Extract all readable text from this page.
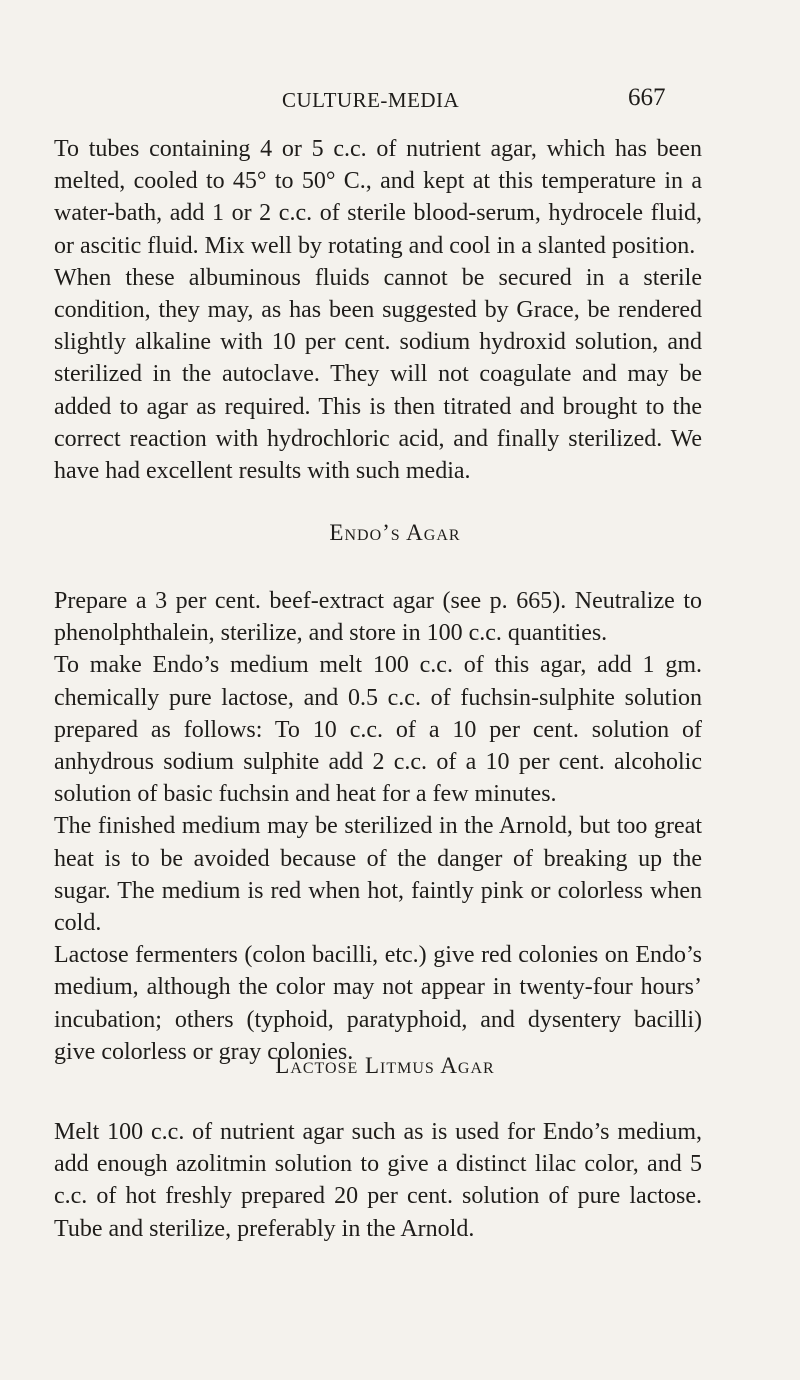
CULTURE-MEDIA	667

To tubes containing 4 or 5 c.c. of nutrient agar, which has been melted, cooled to 45° to 50° C., and kept at this temperature in a water-bath, add 1 or 2 c.c. of sterile blood-serum, hydrocele fluid, or ascitic fluid. Mix well by rotating and cool in a slanted position.

When these albuminous fluids cannot be secured in a sterile condition, they may, as has been suggested by Grace, be rendered slightly alkaline with 10 per cent. sodium hydroxid solution, and sterilized in the autoclave. They will not coagulate and may be added to agar as required. This is then titrated and brought to the correct reaction with hydrochloric acid, and finally sterilized. We have had excellent results with such media.

Endo’s Agar

Prepare a 3 per cent. beef-extract agar (see p. 665). Neutralize to phenolphthalein, sterilize, and store in 100 c.c. quantities.

To make Endo’s medium melt 100 c.c. of this agar, add 1 gm. chemically pure lactose, and 0.5 c.c. of fuchsin-sulphite solution prepared as follows: To 10 c.c. of a 10 per cent. solution of anhydrous sodium sulphite add 2 c.c. of a 10 per cent. alcoholic solution of basic fuchsin and heat for a few minutes.

The finished medium may be sterilized in the Arnold, but too great heat is to be avoided because of the danger of breaking up the sugar. The medium is red when hot, faintly pink or colorless when cold.

Lactose fermenters (colon bacilli, etc.) give red colonies on Endo’s medium, although the color may not appear in twenty-four hours’ incubation; others (typhoid, paratyphoid, and dysentery bacilli) give colorless or gray colonies.

Lactose Litmus Agar

Melt 100 c.c. of nutrient agar such as is used for Endo’s medium, add enough azolitmin solution to give a distinct lilac color, and 5 c.c. of hot freshly prepared 20 per cent. solution of pure lactose. Tube and sterilize, preferably in the Arnold.
